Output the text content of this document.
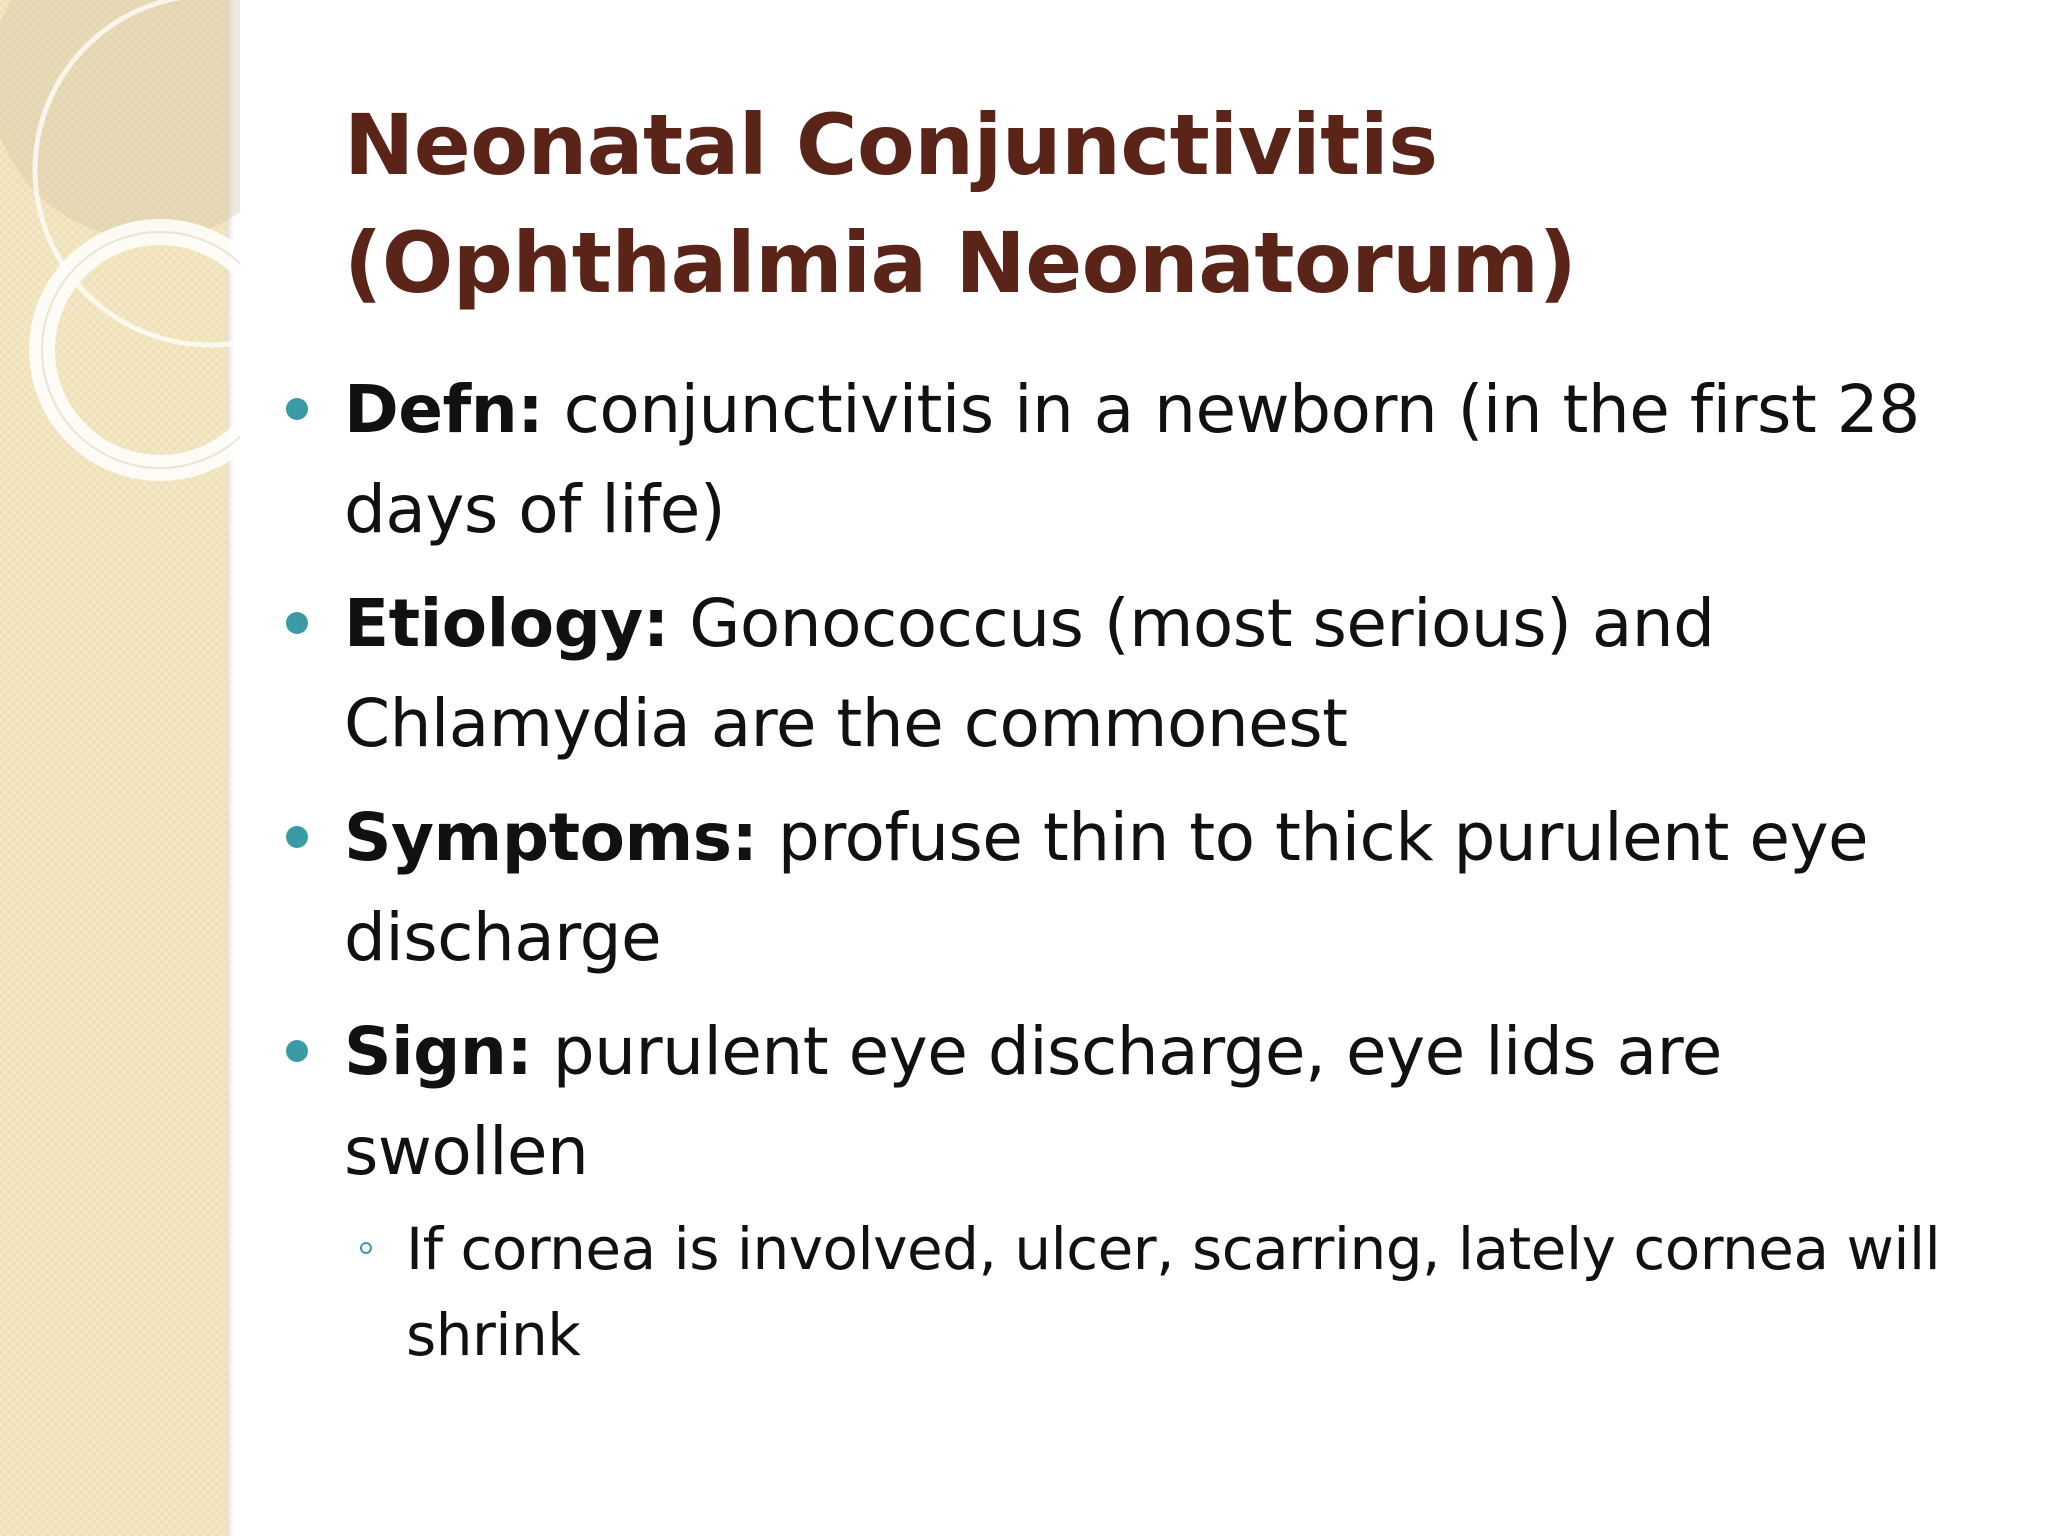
Neonatal Conjunctivitis (Ophthalmia Neonatorum)
Defn: conjunctivitis in a newborn (in the first 28 days of life)
Etiology: Gonococcus (most serious) and Chlamydia are the commonest
Symptoms: profuse thin to thick purulent eye discharge
Sign: purulent eye discharge, eye lids are swollen
If cornea is involved, ulcer, scarring, lately cornea will shrink
